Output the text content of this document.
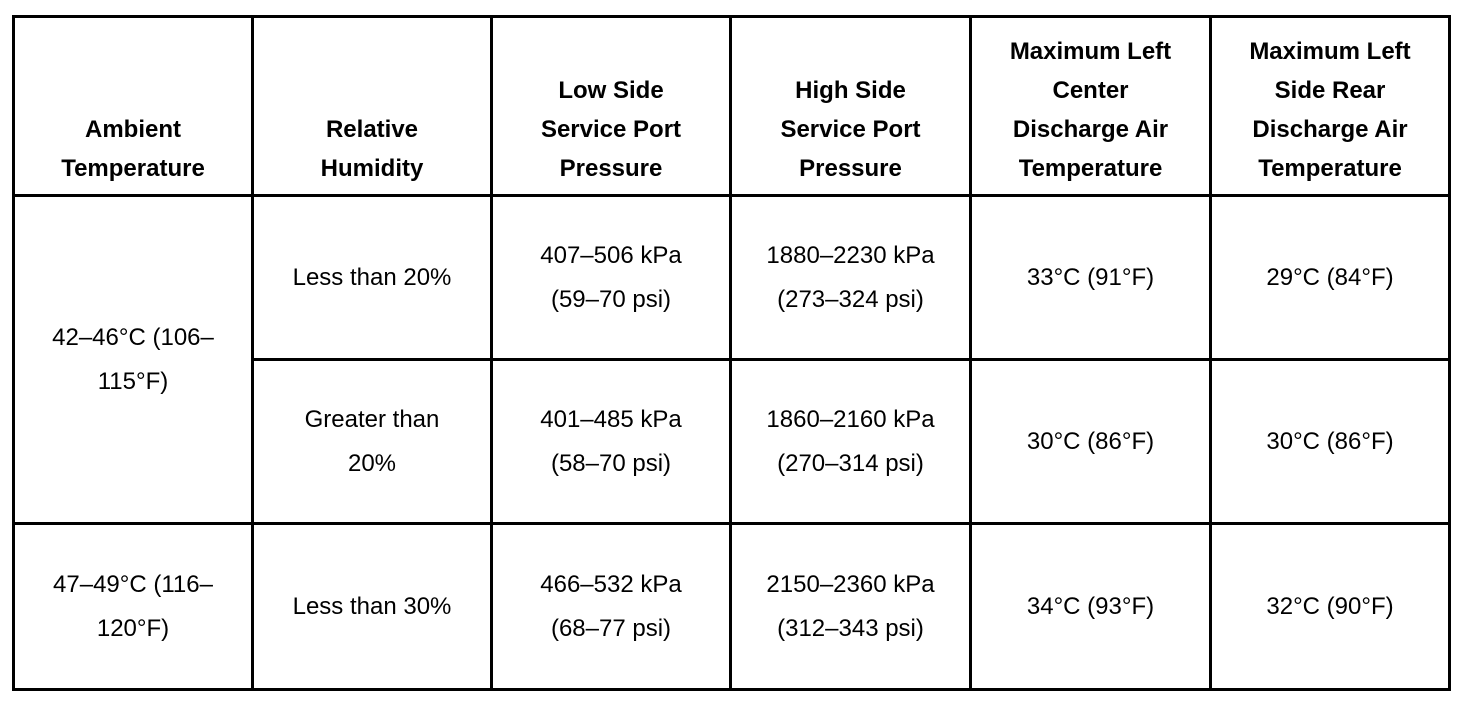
Ambient Temperature	Relative Humidity	Low Side Service Port Pressure	High Side Service Port Pressure	Maximum Left Center Discharge Air Temperature	Maximum Left Side Rear Discharge Air Temperature

42–46°C (106–115°F)	Less than 20%	407–506 kPa (59–70 psi)	1880–2230 kPa (273–324 psi)	33°C (91°F)	29°C (84°F)

	Greater than 20%	401–485 kPa (58–70 psi)	1860–2160 kPa (270–314 psi)	30°C (86°F)	30°C (86°F)

47–49°C (116–120°F)	Less than 30%	466–532 kPa (68–77 psi)	2150–2360 kPa (312–343 psi)	34°C (93°F)	32°C (90°F)
